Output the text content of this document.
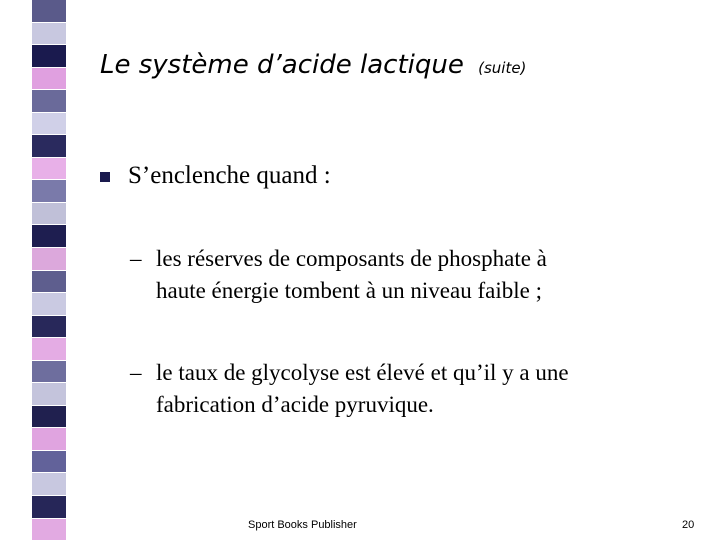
Le système d’acide lactique (suite)
S’enclenche quand :
– les réserves de composants de phosphate à
haute énergie tombent à un niveau faible ;
– le taux de glycolyse est élevé et qu’il y a une
fabrication d’acide pyruvique.
Sport Books Publisher	20
